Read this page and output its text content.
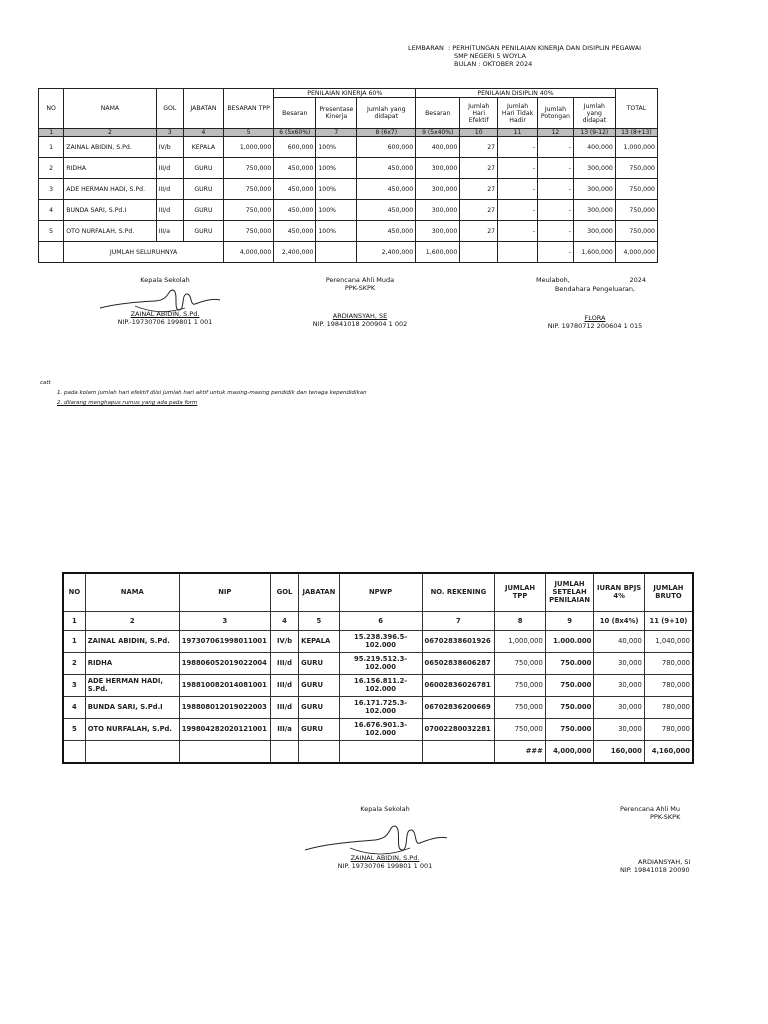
LEMBARAN : PERHITUNGAN PENILAIAN KINERJA DAN DISIPLIN PEGAWAI
SMP NEGERI 5 WOYLA
BULAN : OKTOBER 2024
NO	NAMA	GOL	JABATAN	BESARAN TPP	PENILAIAN KINERJA 60%			PENILAIAN DISIPLIN 40%					TOTAL
					Besaran	Presentase Kinerja	Jumlah yang didapat	Besaran	Jumlah Hari Efektif	Jumlah Hari Tidak Hadir	Jumlah Potongan	Jumlah yang didapat	
1	2	3	4	5	6 (5x60%)	7	8 (6x7)	9 (5x40%)	10	11	12	13 (9-12)	13 (8+13)
1	ZAINAL ABIDIN, S.Pd.	IV/b	KEPALA	1,000,000	600,000	100%	600,000	400,000	27	-	-	400,000	1,000,000
2	RIDHA	III/d	GURU	750,000	450,000	100%	450,000	300,000	27	-	-	300,000	750,000
3	ADE HERMAN HADI, S.Pd.	III/d	GURU	750,000	450,000	100%	450,000	300,000	27	-	-	300,000	750,000
4	BUNDA SARI, S.Pd.I	III/d	GURU	750,000	450,000	100%	450,000	300,000	27	-	-	300,000	750,000
5	OTO NURFALAH, S.Pd.	III/a	GURU	750,000	450,000	100%	450,000	300,000	27	-	-	300,000	750,000
	JUMLAH SELURUHNYA			4,000,000	2,400,000		2,400,000	1,600,000			-	1,600,000	4,000,000
Kepala Sekolah
ZAINAL ABIDIN, S.Pd.
NIP.-19730706 199801 1 001
Perencana Ahli Muda
PPK-SKPK
ARDIANSYAH, SE
NIP. 19841018 200904 1 002
Meulaboh,	2024
Bendahara Pengeluaran,
FLORA
NIP. 19780712 200604 1 015
catt
1. pada kolam jumlah hari efektif diisi jumlah hari aktif untuk masing-masing pendidik dan tenaga kependidikan
2. dilarang menghapus rumus yang ada pada form
NO	NAMA	NIP	GOL	JABATAN	NPWP	NO. REKENING	JUMLAH TPP	JUMLAH SETELAH PENILAIAN	IURAN BPJS 4%	JUMLAH BRUTO
1	2	3	4	5	6	7	8	9	10 (8x4%)	11 (9+10)
1	ZAINAL ABIDIN, S.Pd.	197307061998011001	IV/b	KEPALA	15.238.396.5-102.000	06702838601926	1,000,000	1.000.000	40,000	1,040,000
2	RIDHA	198806052019022004	III/d	GURU	95.219.512.3-102.000	06502838606287	750,000	750.000	30,000	780,000
3	ADE HERMAN HADI, S.Pd.	198810082014081001	III/d	GURU	16.156.811.2-102.000	06002836026781	750,000	750.000	30,000	780,000
4	BUNDA SARI, S.Pd.I	198808012019022003	III/d	GURU	16.171.725.3-102.000	06702836200669	750,000	750.000	30,000	780,000
5	OTO NURFALAH, S.Pd.	199804282020121001	III/a	GURU	16.676.901.3-102.000	07002280032281	750,000	750.000	30,000	780,000
							###	4,000,000	160,000	4,160,000
Kepala Sekolah
ZAINAL ABIDIN, S.Pd.
NIP. 19730706 199801 1 001
Perencana Ahli Mu
PPK-SKPK
ARDIANSYAH, SI
NIP. 19841018 20090
